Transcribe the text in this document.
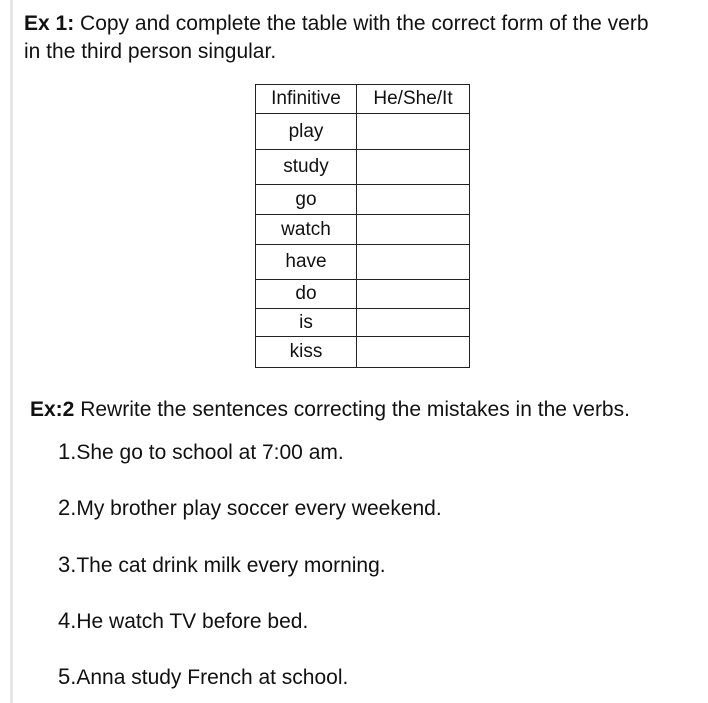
Ex 1: Copy and complete the table with the correct form of the verb
in the third person singular.
Infinitive	He/She/It
play	
study	
go	
watch	
have	
do	
is	
kiss	
Ex:2 Rewrite the sentences correcting the mistakes in the verbs.
1.She go to school at 7:00 am.
2.My brother play soccer every weekend.
3.The cat drink milk every morning.
4.He watch TV before bed.
5.Anna study French at school.
